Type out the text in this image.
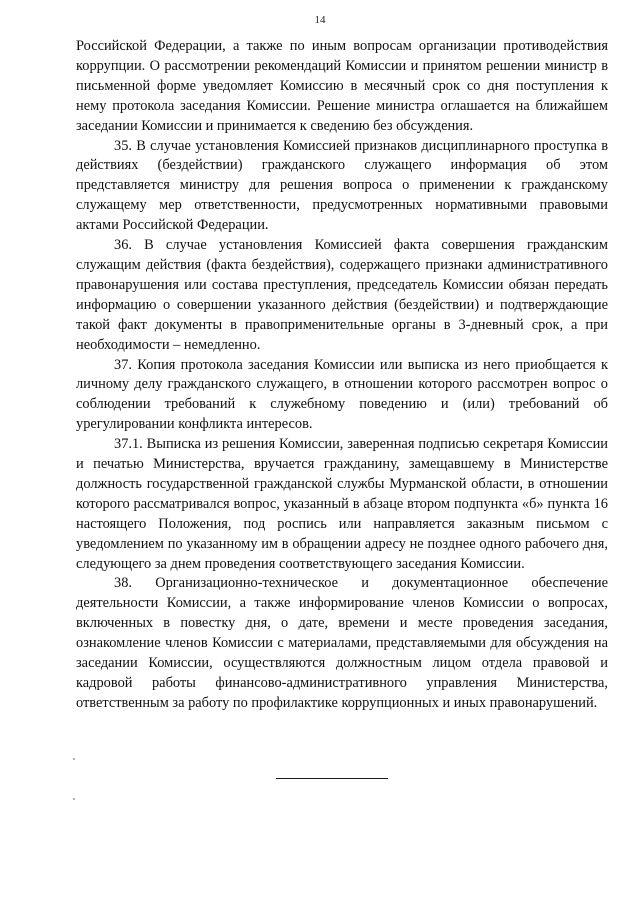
14

Российской Федерации, а также по иным вопросам организации противодействия коррупции. О рассмотрении рекомендаций Комиссии и принятом решении министр в письменной форме уведомляет Комиссию в месячный срок со дня поступления к нему протокола заседания Комиссии. Решение министра оглашается на ближайшем заседании Комиссии и принимается к сведению без обсуждения.

35. В случае установления Комиссией признаков дисциплинарного проступка в действиях (бездействии) гражданского служащего информация об этом представляется министру для решения вопроса о применении к гражданскому служащему мер ответственности, предусмотренных нормативными правовыми актами Российской Федерации.

36. В случае установления Комиссией факта совершения гражданским служащим действия (факта бездействия), содержащего признаки административного правонарушения или состава преступления, председатель Комиссии обязан передать информацию о совершении указанного действия (бездействии) и подтверждающие такой факт документы в правоприменительные органы в 3-дневный срок, а при необходимости – немедленно.

37. Копия протокола заседания Комиссии или выписка из него приобщается к личному делу гражданского служащего, в отношении которого рассмотрен вопрос о соблюдении требований к служебному поведению и (или) требований об урегулировании конфликта интересов.

37.1. Выписка из решения Комиссии, заверенная подписью секретаря Комиссии и печатью Министерства, вручается гражданину, замещавшему в Министерстве должность государственной гражданской службы Мурманской области, в отношении которого рассматривался вопрос, указанный в абзаце втором подпункта «б» пункта 16 настоящего Положения, под роспись или направляется заказным письмом с уведомлением по указанному им в обращении адресу не позднее одного рабочего дня, следующего за днем проведения соответствующего заседания Комиссии.

38. Организационно-техническое и документационное обеспечение деятельности Комиссии, а также информирование членов Комиссии о вопросах, включенных в повестку дня, о дате, времени и месте проведения заседания, ознакомление членов Комиссии с материалами, представляемыми для обсуждения на заседании Комиссии, осуществляются должностным лицом отдела правовой и кадровой работы финансово-административного управления Министерства, ответственным за работу по профилактике коррупционных и иных правонарушений.
